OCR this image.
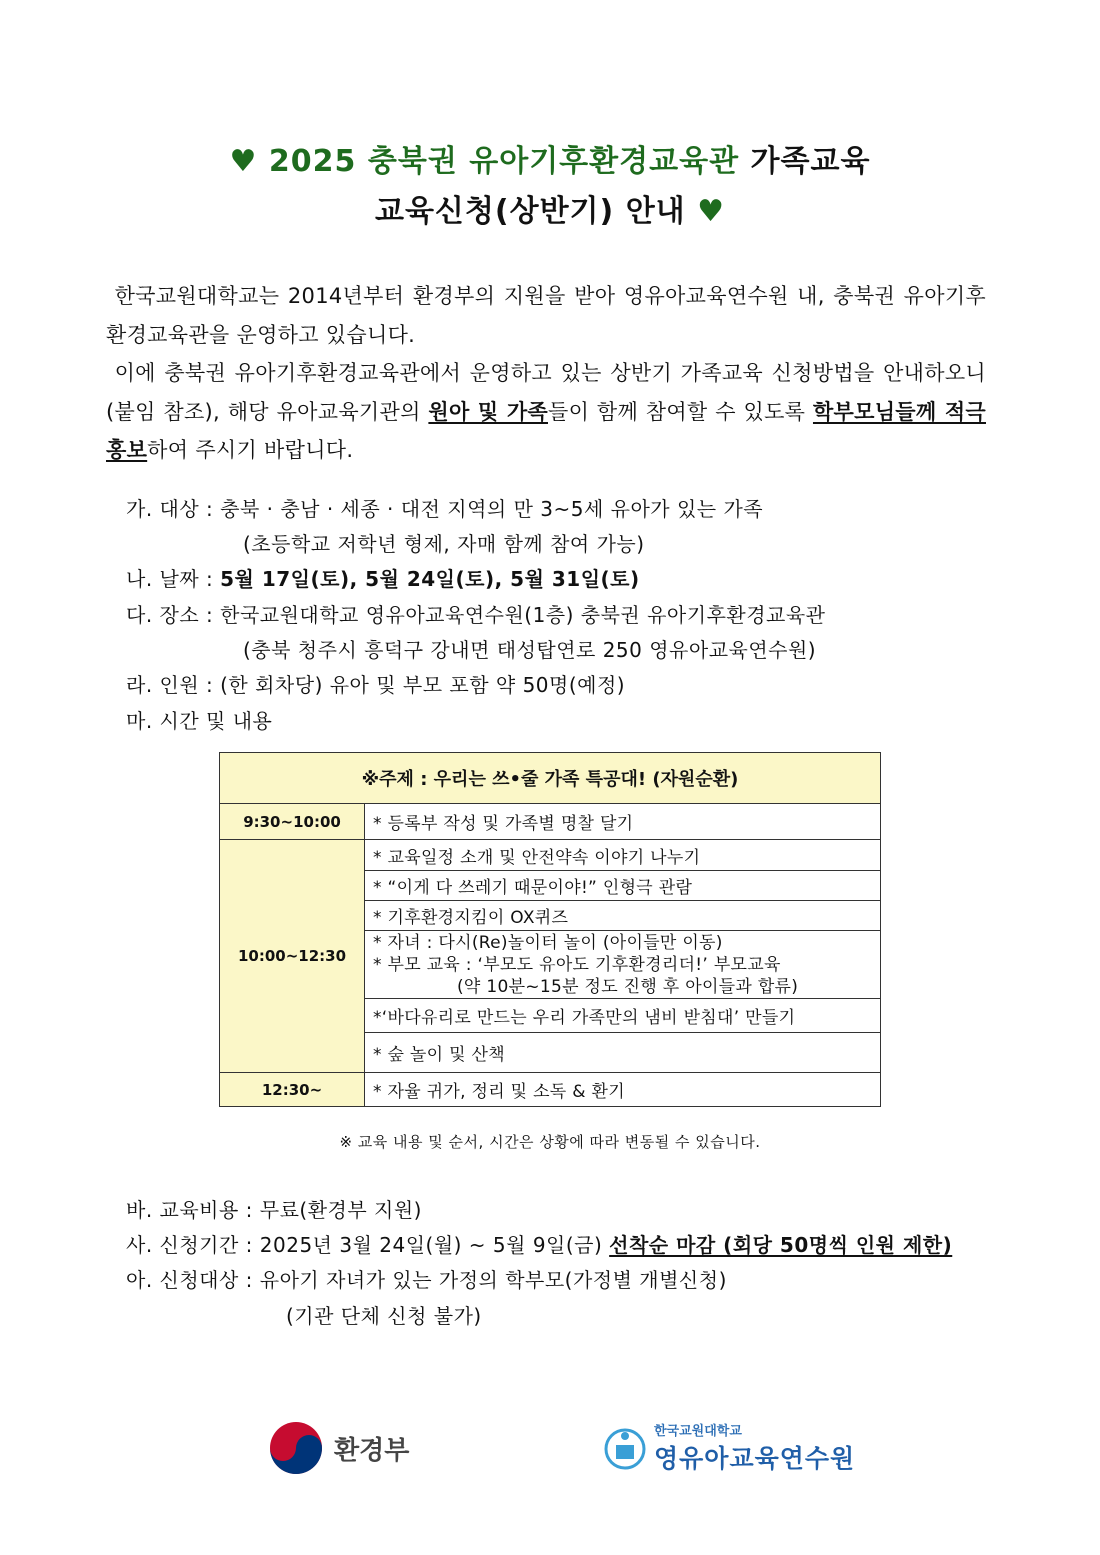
♥ 2025 충북권 유아기후환경교육관 가족교육
교육신청(상반기) 안내 ♥

한국교원대학교는 2014년부터 환경부의 지원을 받아 영유아교육연수원 내, 충북권 유아기후환경교육관을 운영하고 있습니다.

이에 충북권 유아기후환경교육관에서 운영하고 있는 상반기 가족교육 신청방법을 안내하오니(붙임 참조), 해당 유아교육기관의 원아 및 가족들이 함께 참여할 수 있도록 학부모님들께 적극 홍보하여 주시기 바랍니다.

가. 대상 : 충북 · 충남 · 세종 · 대전 지역의 만 3~5세 유아가 있는 가족
(초등학교 저학년 형제, 자매 함께 참여 가능)
나. 날짜 : 5월 17일(토), 5월 24일(토), 5월 31일(토)
다. 장소 : 한국교원대학교 영유아교육연수원(1층) 충북권 유아기후환경교육관
(충북 청주시 흥덕구 강내면 태성탑연로 250 영유아교육연수원)
라. 인원 : (한 회차당) 유아 및 부모 포함 약 50명(예정)
마. 시간 및 내용
※주제 : 우리는 쓰•줄 가족 특공대! (자원순환)	
9:30~10:00	* 등록부 작성 및 가족별 명찰 달기
10:00~12:30	* 교육일정 소개 및 안전약속 이야기 나누기
	* “이게 다 쓰레기 때문이야!” 인형극 관람
	* 기후환경지킴이 OX퀴즈

	* 자녀 : 다시(Re)놀이터 놀이 (아이들만 이동)
* 부모 교육 : ‘부모도 유아도 기후환경리더!’ 부모교육
(약 10분~15분 정도 진행 후 아이들과 합류)

	*‘바다유리로 만드는 우리 가족만의 냄비 받침대’ 만들기
	* 숲 놀이 및 산책
12:30~	* 자율 귀가, 정리 및 소독 & 환기
※ 교육 내용 및 순서, 시간은 상황에 따라 변동될 수 있습니다.
바. 교육비용 : 무료(환경부 지원)
사. 신청기간 : 2025년 3월 24일(월) ~ 5월 9일(금) 선착순 마감 (회당 50명씩 인원 제한)
아. 신청대상 : 유아기 자녀가 있는 가정의 학부모(가정별 개별신청)
(기관 단체 신청 불가)
환경부
한국교원대학교
영유아교육연수원
